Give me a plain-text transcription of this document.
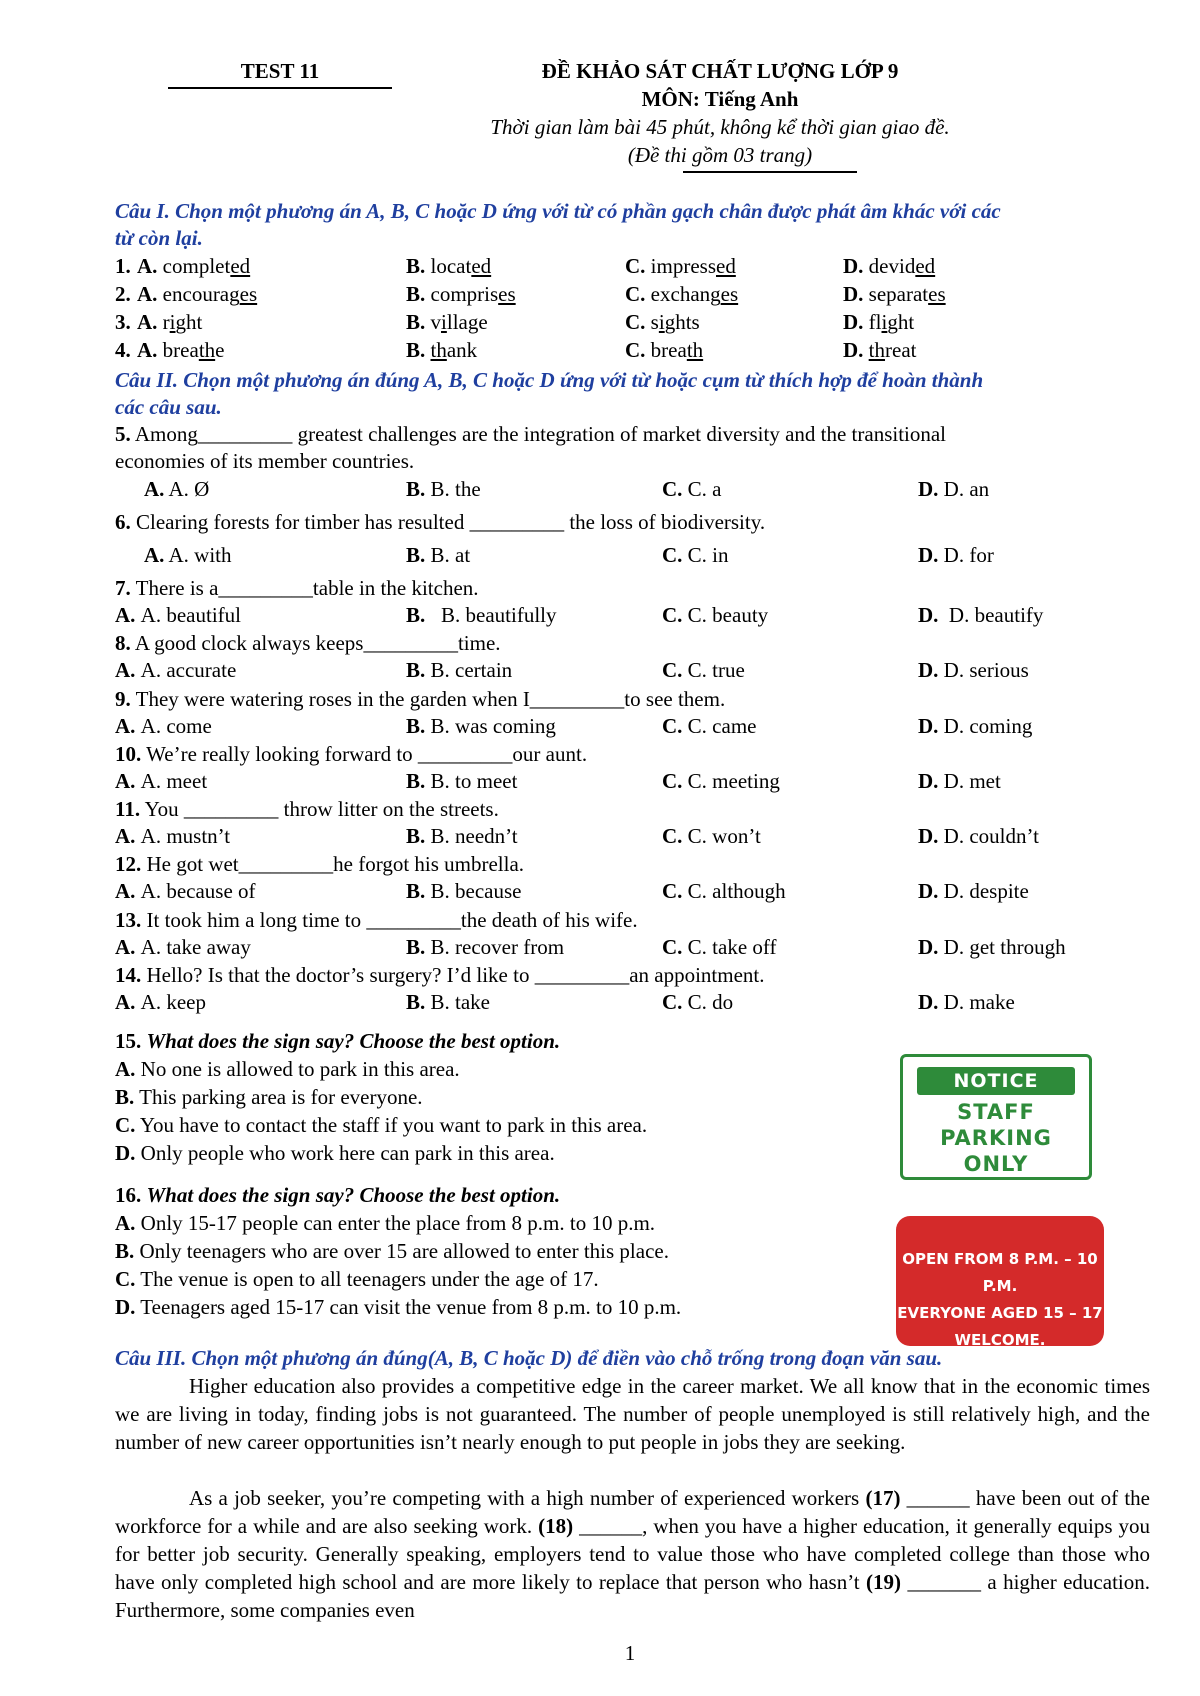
TEST 11	ĐỀ KHẢO SÁT CHẤT LƯỢNG LỚP 9
MÔN: Tiếng Anh
Thời gian làm bài 45 phút, không kể thời gian giao đề.
(Đề thi gồm 03 trang)
Câu I. Chọn một phương án A, B, C hoặc D ứng với từ có phần gạch chân được phát âm khác với các
từ còn lại.
1. A. completed	B. located	C. impressed	D. devided
2. A. encourages	B. comprises	C. exchanges	D. separates
3. A. right	B. village	C. sights	D. flight
4. A. breathe	B. thank	C. breath	D. threat
Câu II. Chọn một phương án đúng A, B, C hoặc D ứng với từ hoặc cụm từ thích hợp để hoàn thành
các câu sau.
5. Among_________ greatest challenges are the integration of market diversity and the transitional
economies of its member countries.
A. A. Ø	B. B. the	C. C. a	D. D. an
6. Clearing forests for timber has resulted _________ the loss of biodiversity.
A. A. with	B. B. at	C. C. in	D. D. for
7. There is a_________table in the kitchen.
A. A. beautiful	B. B. beautifully	C. C. beauty	D. D. beautify
8. A good clock always keeps_________time.
A. A. accurate	B. B. certain	C. C. true	D. D. serious
9. They were watering roses in the garden when I_________to see them.
A. A. come	B. B. was coming	C. C. came	D. D. coming
10. We’re really looking forward to _________our aunt.
A. A. meet	B. B. to meet	C. C. meeting	D. D. met
11. You _________ throw litter on the streets.
A. A. mustn’t	B. B. needn’t	C. C. won’t	D. D. couldn’t
12. He got wet_________he forgot his umbrella.
A. A. because of	B. B. because	C. C. although	D. D. despite
13. It took him a long time to _________the death of his wife.
A. A. take away	B. B. recover from	C. C. take off	D. D. get through
14. Hello? Is that the doctor’s surgery? I’d like to _________an appointment.
A. A. keep	B. B. take	C. C. do	D. D. make
15. What does the sign say? Choose the best option.
A. No one is allowed to park in this area.
B. This parking area is for everyone.
C. You have to contact the staff if you want to park in this area.
D. Only people who work here can park in this area.
NOTICE
STAFF
PARKING
ONLY
16. What does the sign say? Choose the best option.
A. Only 15-17 people can enter the place from 8 p.m. to 10 p.m.
B. Only teenagers who are over 15 are allowed to enter this place.
C. The venue is open to all teenagers under the age of 17.
D. Teenagers aged 15-17 can visit the venue from 8 p.m. to 10 p.m.
OPEN FROM 8 P.M. – 10 P.M.
EVERYONE AGED 15 – 17
WELCOME.
Câu III. Chọn một phương án đúng(A, B, C hoặc D) để điền vào chỗ trống trong đoạn văn sau.
Higher education also provides a competitive edge in the career market. We all know that in the economic times we are living in today, finding jobs is not guaranteed. The number of people unemployed is still relatively high, and the number of new career opportunities isn’t nearly enough to put people in jobs they are seeking.
As a job seeker, you’re competing with a high number of experienced workers (17) ______ have been out of the workforce for a while and are also seeking work. (18) ______, when you have a higher education, it generally equips you for better job security. Generally speaking, employers tend to value those who have completed college than those who have only completed high school and are more likely to replace that person who hasn’t (19) _______ a higher education. Furthermore, some companies even
1
